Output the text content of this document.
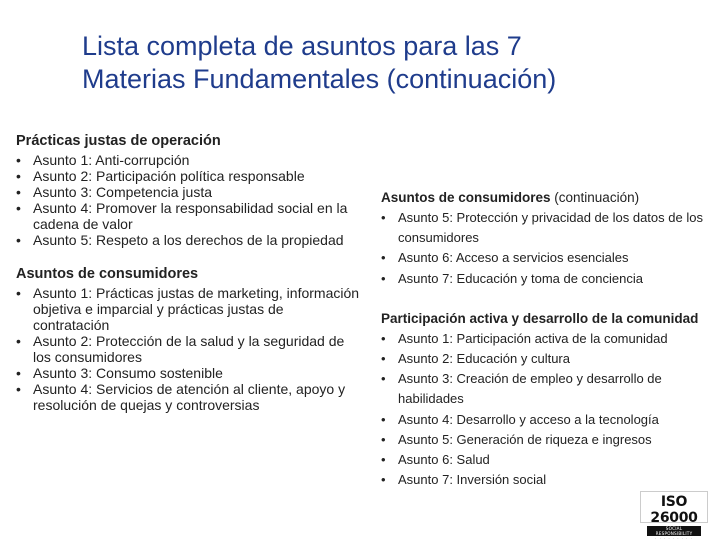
Lista completa de asuntos para las 7
Materias Fundamentales (continuación)
Prácticas justas de operación
• Asunto 1: Anti-corrupción
• Asunto 2: Participación política responsable
• Asunto 3: Competencia justa
• Asunto 4: Promover la responsabilidad social en la cadena de valor
• Asunto 5: Respeto a los derechos de la propiedad
Asuntos de consumidores
• Asunto 1: Prácticas justas de marketing, información objetiva e imparcial y prácticas justas de contratación
• Asunto 2: Protección de la salud y la seguridad de los consumidores
• Asunto 3: Consumo sostenible
• Asunto 4: Servicios de atención al cliente, apoyo y resolución de quejas y controversias
Asuntos de consumidores (continuación)
• Asunto 5: Protección y privacidad de los datos de los consumidores
• Asunto 6: Acceso a servicios esenciales
• Asunto 7: Educación y toma de conciencia
Participación activa y desarrollo de la comunidad
• Asunto 1: Participación activa de la comunidad
• Asunto 2: Educación y cultura
• Asunto 3: Creación de empleo y desarrollo de habilidades
• Asunto 4: Desarrollo y acceso a la tecnología
• Asunto 5: Generación de riqueza e ingresos
• Asunto 6: Salud
• Asunto 7: Inversión social
ISO 26000
SOCIAL RESPONSIBILITY
· · · · · · · · ·
